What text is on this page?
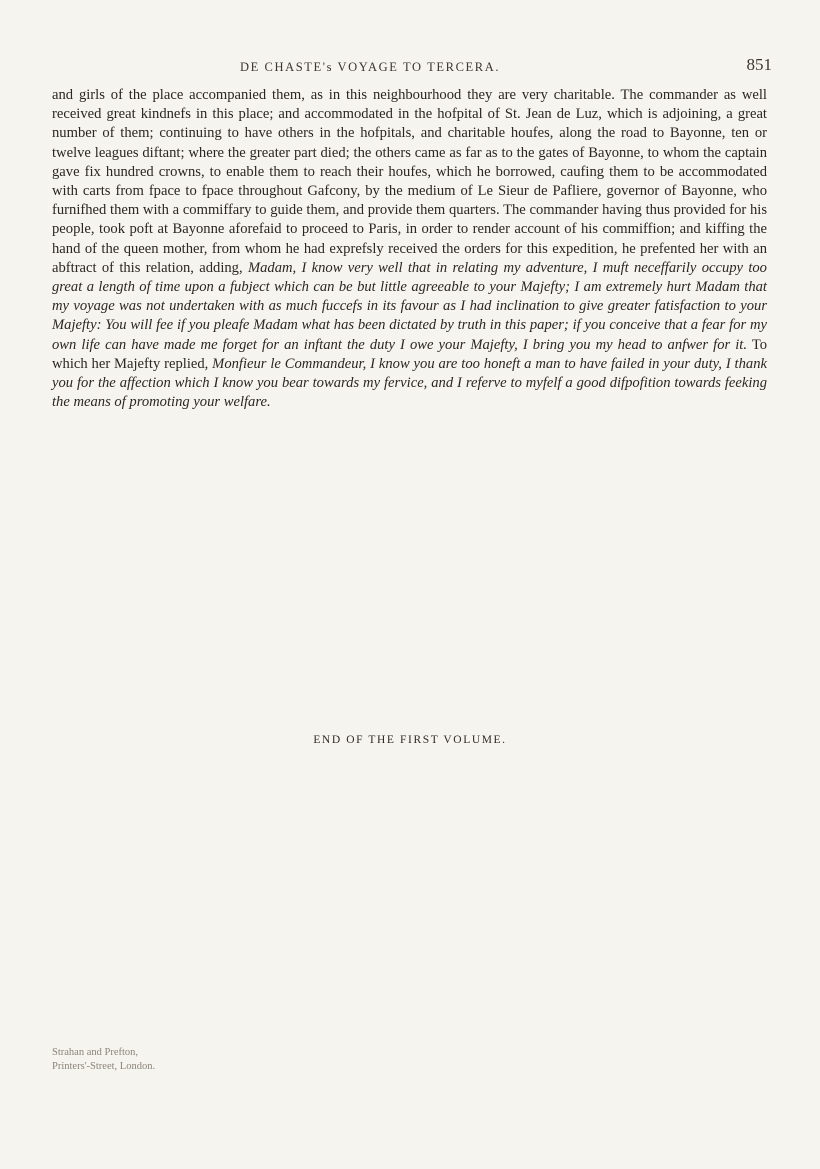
DE CHASTE's VOYAGE TO TERCERA.	851

and girls of the place accompanied them, as in this neighbourhood they are very charitable. The commander as well received great kindnefs in this place; and accommodated in the hofpital of St. Jean de Luz, which is adjoining, a great number of them; continuing to have others in the hofpitals, and charitable houfes, along the road to Bayonne, ten or twelve leagues diftant; where the greater part died; the others came as far as to the gates of Bayonne, to whom the captain gave fix hundred crowns, to enable them to reach their houfes, which he borrowed, caufing them to be accommodated with carts from fpace to fpace throughout Gafcony, by the medium of Le Sieur de Pafliere, governor of Bayonne, who furnifhed them with a commiffary to guide them, and provide them quarters. The commander having thus provided for his people, took poft at Bayonne aforefaid to proceed to Paris, in order to render account of his commiffion; and kiffing the hand of the queen mother, from whom he had exprefsly received the orders for this expedition, he prefented her with an abftract of this relation, adding, Madam, I know very well that in relating my adventure, I muft neceffarily occupy too great a length of time upon a fubject which can be but little agreeable to your Majefty; I am extremely hurt Madam that my voyage was not undertaken with as much fuccefs in its favour as I had inclination to give greater fatisfaction to your Majefty: You will fee if you pleafe Madam what has been dictated by truth in this paper; if you conceive that a fear for my own life can have made me forget for an inftant the duty I owe your Majefty, I bring you my head to anfwer for it. To which her Majefty replied, Monfieur le Commandeur, I know you are too honeft a man to have failed in your duty, I thank you for the affection which I know you bear towards my fervice, and I referve to myfelf a good difpofition towards feeking the means of promoting your welfare.

END OF THE FIRST VOLUME.
Strahan and Prefton,
Printers'-Street, London.
